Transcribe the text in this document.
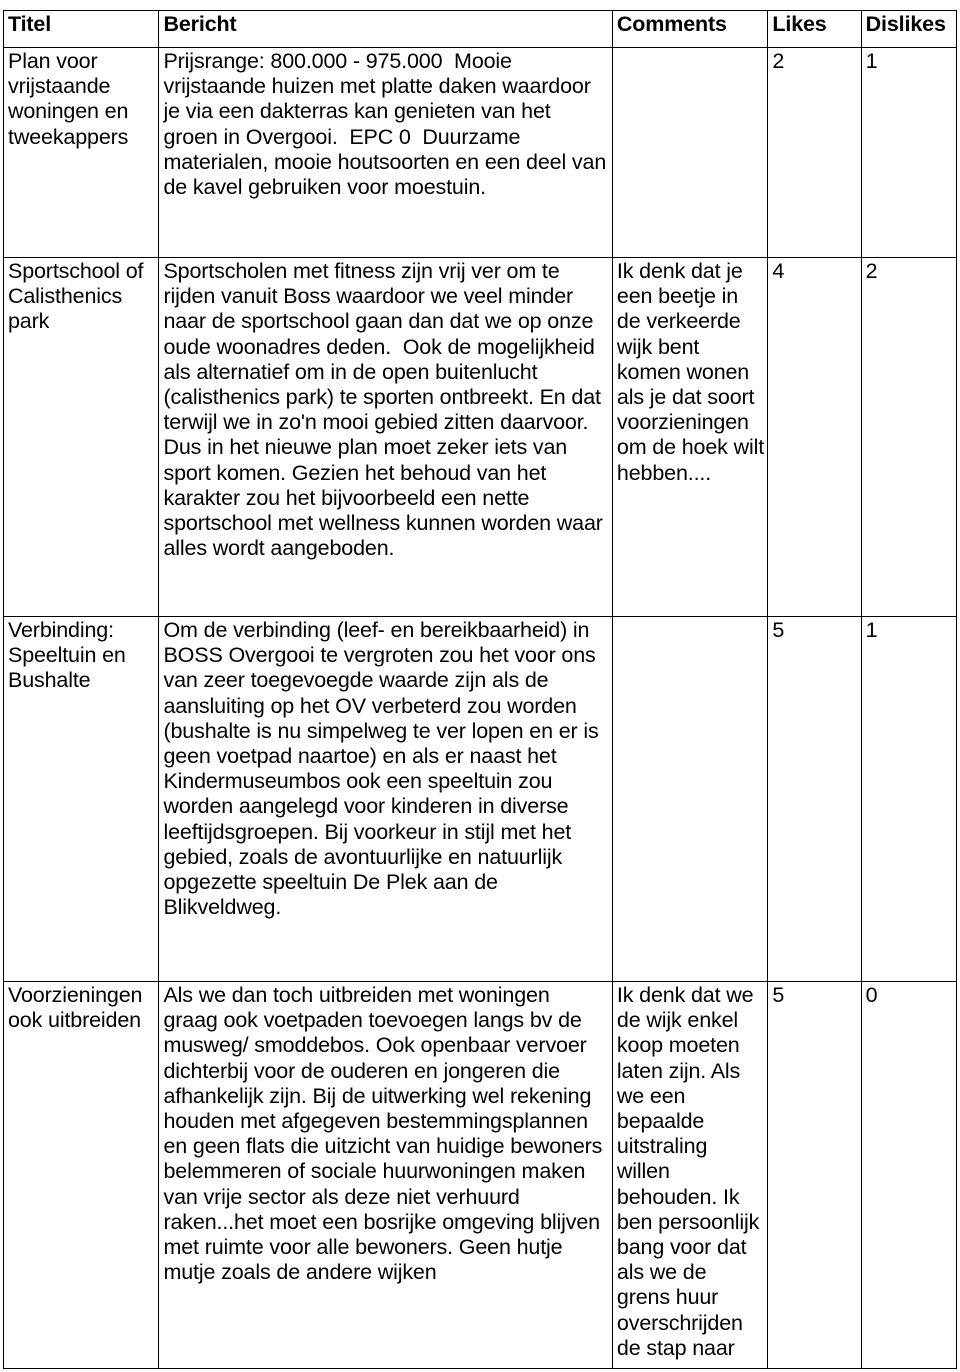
Titel	Bericht	Comments	Likes	Dislikes

Plan voor vrijstaande woningen en tweekappers	Prijsrange: 800.000 - 975.000  Mooie vrijstaande huizen met platte daken waardoor je via een dakterras kan genieten van het groen in Overgooi.  EPC 0  Duurzame materialen, mooie houtsoorten en een deel van de kavel gebruiken voor moestuin.		2	1

Sportschool of Calisthenics park	Sportscholen met fitness zijn vrij ver om te rijden vanuit Boss waardoor we veel minder naar de sportschool gaan dan dat we op onze oude woonadres deden.  Ook de mogelijkheid als alternatief om in de open buitenlucht (calisthenics park) te sporten ontbreekt. En dat terwijl we in zo'n mooi gebied zitten daarvoor.  Dus in het nieuwe plan moet zeker iets van sport komen. Gezien het behoud van het karakter zou het bijvoorbeeld een nette sportschool met wellness kunnen worden waar alles wordt aangeboden.	Ik denk dat je een beetje in de verkeerde wijk bent komen wonen als je dat soort voorzieningen om de hoek wilt hebben....	4	2

Verbinding: Speeltuin en Bushalte	Om de verbinding (leef- en bereikbaarheid) in BOSS Overgooi te vergroten zou het voor ons van zeer toegevoegde waarde zijn als de aansluiting op het OV verbeterd zou worden (bushalte is nu simpelweg te ver lopen en er is geen voetpad naartoe) en als er naast het Kindermuseumbos ook een speeltuin zou worden aangelegd voor kinderen in diverse leeftijdsgroepen. Bij voorkeur in stijl met het gebied, zoals de avontuurlijke en natuurlijk opgezette speeltuin De Plek aan de Blikveldweg.		5	1

Voorzieningen ook uitbreiden	Als we dan toch uitbreiden met woningen graag ook voetpaden toevoegen langs bv de musweg/ smoddebos. Ook openbaar vervoer dichterbij voor de ouderen en jongeren die afhankelijk zijn. Bij de uitwerking wel rekening houden met afgegeven bestemmingsplannen en geen flats die uitzicht van huidige bewoners belemmeren of sociale huurwoningen maken van vrije sector als deze niet verhuurd raken...het moet een bosrijke omgeving blijven met ruimte voor alle bewoners. Geen hutje mutje zoals de andere wijken	Ik denk dat we de wijk enkel koop moeten laten zijn. Als we een bepaalde uitstraling willen behouden. Ik ben persoonlijk bang voor dat als we de grens huur overschrijden de stap naar	5	0
